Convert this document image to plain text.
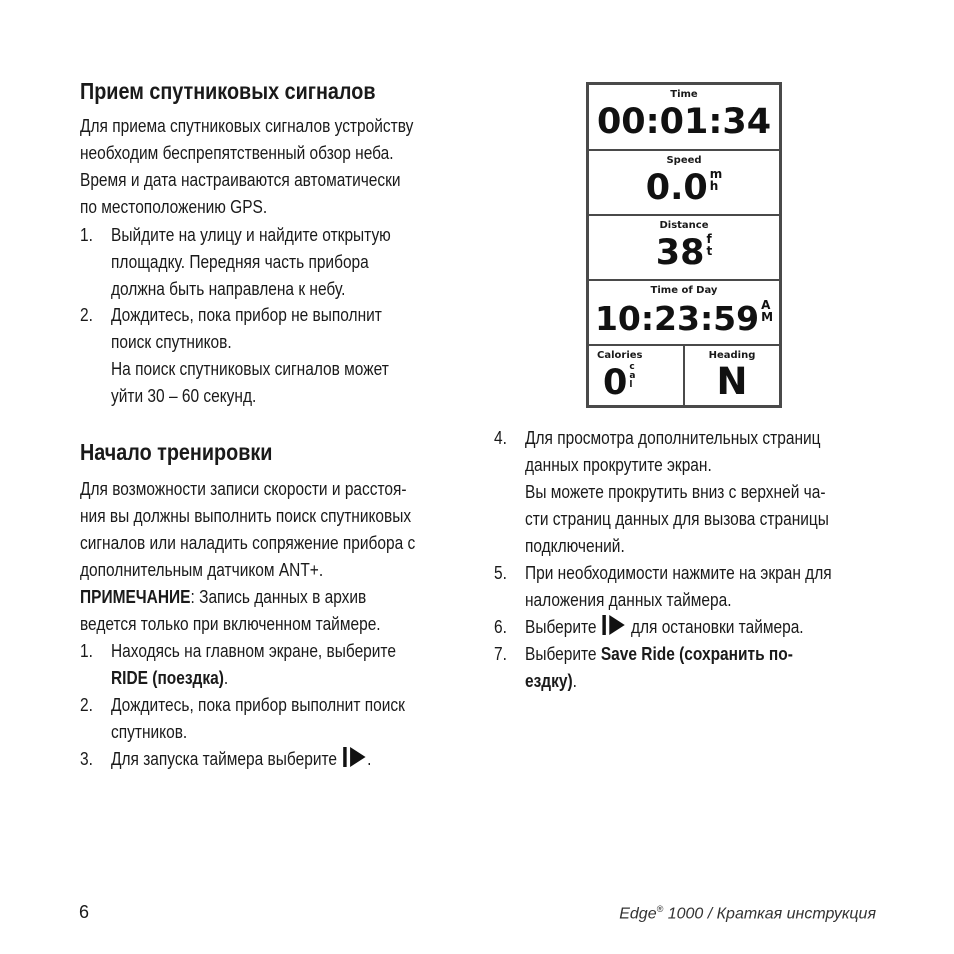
Прием спутниковых сигналов
Для приема спутниковых сигналов устройству
необходим беспрепятственный обзор неба.
Время и дата настраиваются автоматически
по местоположению GPS.
1. Выйдите на улицу и найдите открытую
площадку. Передняя часть прибора
должна быть направлена к небу.
2. Дождитесь, пока прибор не выполнит
поиск спутников.
На поиск спутниковых сигналов может
уйти 30 – 60 секунд.
Начало тренировки
Для возможности записи скорости и расстоя-
ния вы должны выполнить поиск спутниковых
сигналов или наладить сопряжение прибора с
дополнительным датчиком ANT+.
ПРИМЕЧАНИЕ: Запись данных в архив
ведется только при включенном таймере.
1. Находясь на главном экране, выберите
RIDE (поездка).
2. Дождитесь, пока прибор выполнит поиск
спутников.
3. Для запуска таймера выберите .
Time
00:01:34
Speed
0.0 m
h
Distance
38 f
t
Time of Day
10:23:59 A
M
Calories
0 c
a
l
Heading
N
4. Для просмотра дополнительных страниц
данных прокрутите экран.
Вы можете прокрутить вниз с верхней ча-
сти страниц данных для вызова страницы
подключений.
5. При необходимости нажмите на экран для
наложения данных таймера.
6. Выберите  для остановки таймера.
7. Выберите Save Ride (сохранить по-
ездку).
6	Edge® 1000 / Краткая инструкция
